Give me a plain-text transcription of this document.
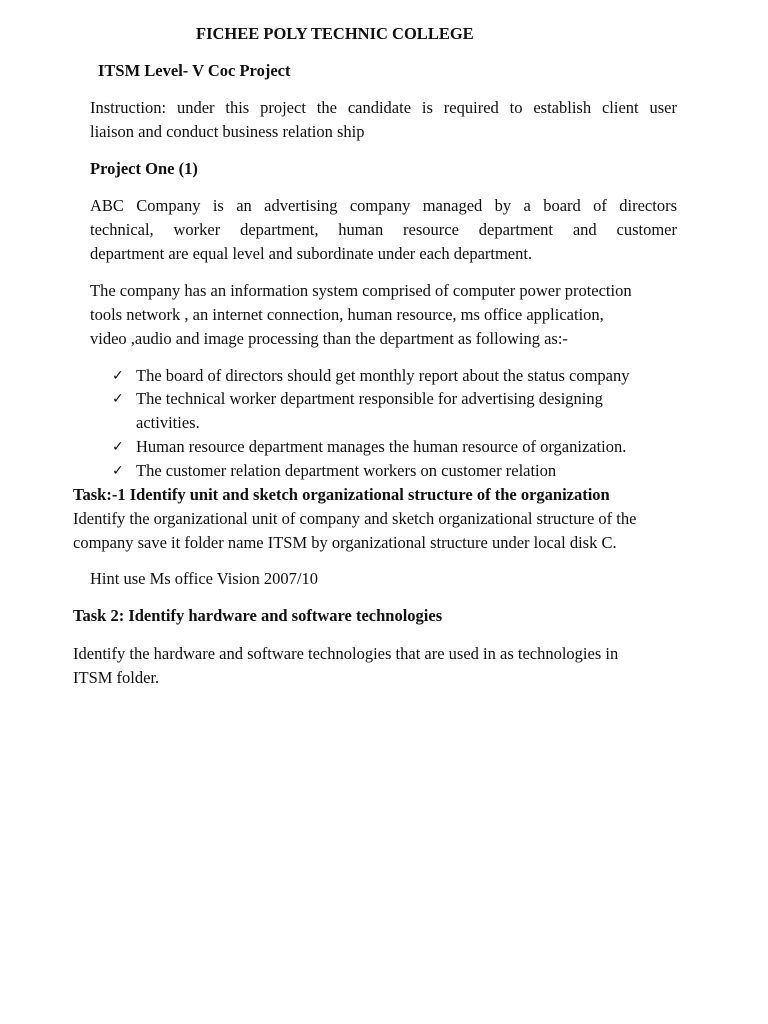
FICHEE POLY TECHNIC COLLEGE
ITSM Level- V Coc Project
Instruction: under this project the candidate is required to establish client user
liaison and conduct business relation ship
Project One (1)
ABC Company is an advertising company managed by a board of directors
technical, worker department, human resource department and customer
department are equal level and subordinate under each department.
The company has an information system comprised of computer power protection
tools network , an internet connection, human resource, ms office application,
video ,audio and image processing than the department as following as:-
✓ The board of directors should get monthly report about the status company
✓ The technical worker department responsible for advertising designing
activities.
✓ Human resource department manages the human resource of organization.
✓ The customer relation department workers on customer relation
Task:-1 Identify unit and sketch organizational structure of the organization
Identify the organizational unit of company and sketch organizational structure of the
company save it folder name ITSM by organizational structure under local disk C.
Hint use Ms office Vision 2007/10
Task 2: Identify hardware and software technologies
Identify the hardware and software technologies that are used in as technologies in
ITSM folder.
